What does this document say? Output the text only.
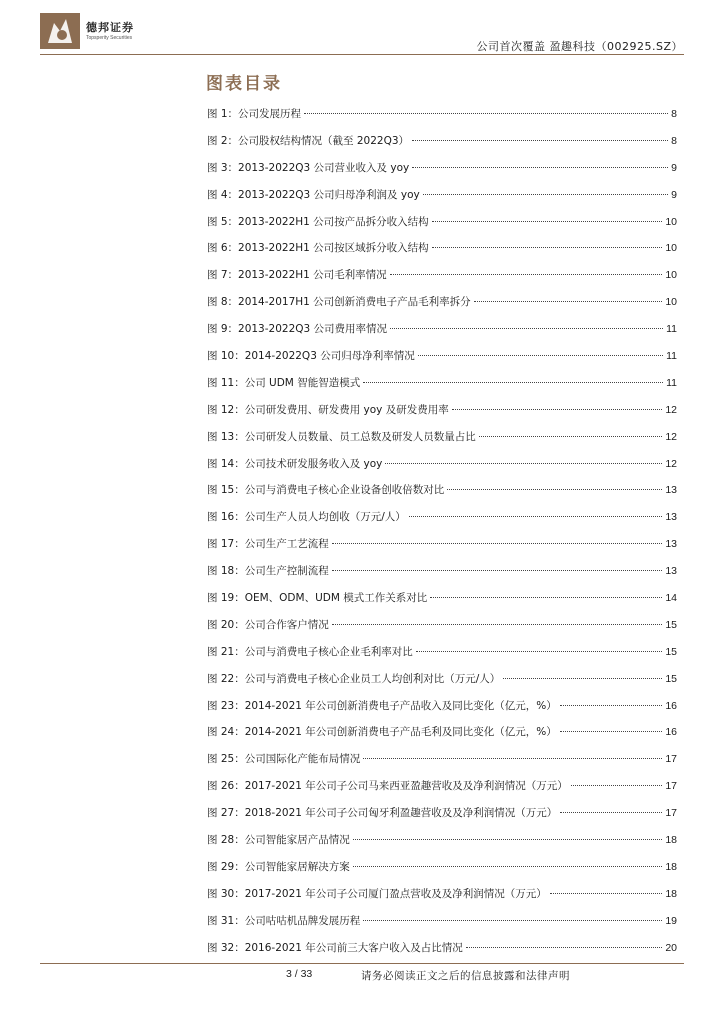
德邦证券
Topsperity Securities
公司首次覆盖 盈趣科技（002925.SZ）
图表目录
图 1：公司发展历程	8
图 2：公司股权结构情况（截至 2022Q3）	8
图 3：2013-2022Q3 公司营业收入及 yoy	9
图 4：2013-2022Q3 公司归母净利润及 yoy	9
图 5：2013-2022H1 公司按产品拆分收入结构	10
图 6：2013-2022H1 公司按区域拆分收入结构	10
图 7：2013-2022H1 公司毛利率情况	10
图 8：2014-2017H1 公司创新消费电子产品毛利率拆分	10
图 9：2013-2022Q3 公司费用率情况	11
图 10：2014-2022Q3 公司归母净利率情况	11
图 11：公司 UDM 智能智造模式	11
图 12：公司研发费用、研发费用 yoy 及研发费用率	12
图 13：公司研发人员数量、员工总数及研发人员数量占比	12
图 14：公司技术研发服务收入及 yoy	12
图 15：公司与消费电子核心企业设备创收倍数对比	13
图 16：公司生产人员人均创收（万元/人）	13
图 17：公司生产工艺流程	13
图 18：公司生产控制流程	13
图 19：OEM、ODM、UDM 模式工作关系对比	14
图 20：公司合作客户情况	15
图 21：公司与消费电子核心企业毛利率对比	15
图 22：公司与消费电子核心企业员工人均创利对比（万元/人）	15
图 23：2014-2021 年公司创新消费电子产品收入及同比变化（亿元，%）	16
图 24：2014-2021 年公司创新消费电子产品毛利及同比变化（亿元，%）	16
图 25：公司国际化产能布局情况	17
图 26：2017-2021 年公司子公司马来西亚盈趣营收及及净利润情况（万元）	17
图 27：2018-2021 年公司子公司匈牙利盈趣营收及及净利润情况（万元）	17
图 28：公司智能家居产品情况	18
图 29：公司智能家居解决方案	18
图 30：2017-2021 年公司子公司厦门盈点营收及及净利润情况（万元）	18
图 31：公司咕咕机品牌发展历程	19
图 32：2016-2021 年公司前三大客户收入及占比情况	20
3 / 33	请务必阅读正文之后的信息披露和法律声明
